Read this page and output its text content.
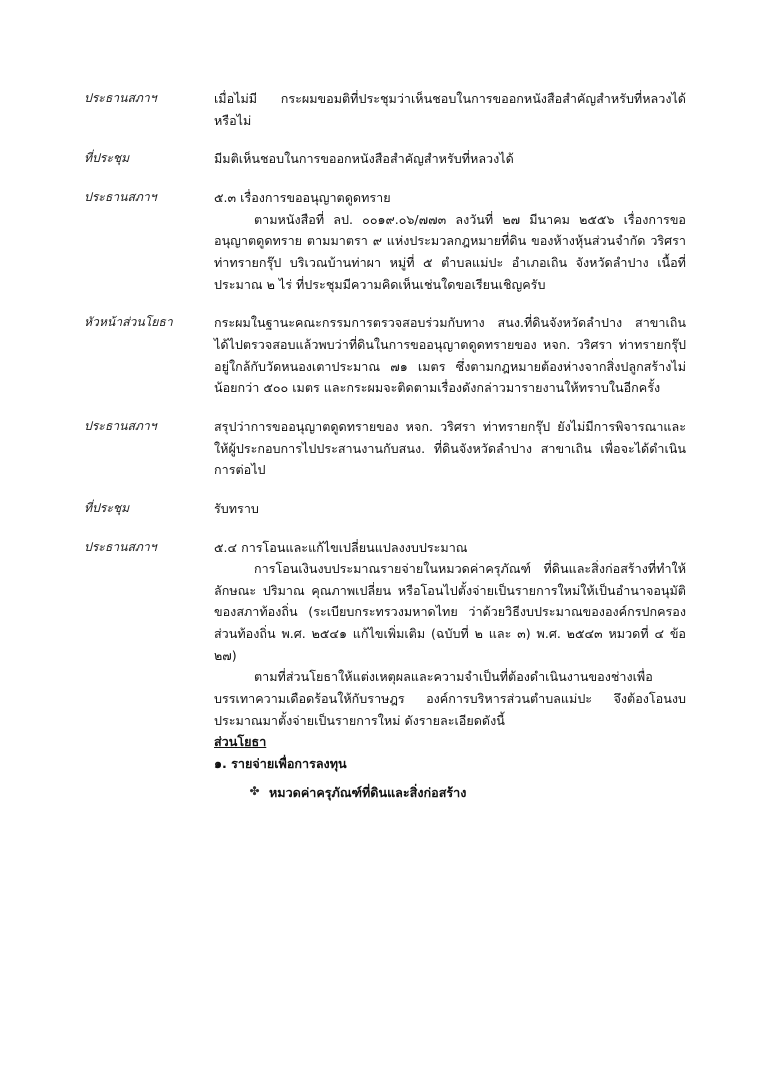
ประธานสภาฯ	เมื่อไม่มี กระผมขอมติที่ประชุมว่าเห็นชอบในการขออกหนังสือสำคัญสำหรับที่หลวงได้หรือไม่

ที่ประชุม	มีมติเห็นชอบในการขออกหนังสือสำคัญสำหรับที่หลวงได้

ประธานสภาฯ	๕.๓ เรื่องการขออนุญาตดูดทราย

ตามหนังสือที่ ลป. ๐๐๑๙.๐๖/๗๗๓ ลงวันที่ ๒๗ มีนาคม ๒๕๕๖ เรื่องการขออนุญาตดูดทราย ตามมาตรา ๙ แห่งประมวลกฎหมายที่ดิน ของห้างหุ้นส่วนจำกัด วริศรา ท่าทรายกรุ๊ป บริเวณบ้านท่าผา หมู่ที่ ๕ ตำบลแม่ปะ อำเภอเถิน จังหวัดลำปาง เนื้อที่ประมาณ ๒ ไร่ ที่ประชุมมีความคิดเห็นเช่นใดขอเรียนเชิญครับ

หัวหน้าส่วนโยธา	กระผมในฐานะคณะกรรมการตรวจสอบร่วมกับทาง สนง.ที่ดินจังหวัดลำปาง สาขาเถิน ได้ไปตรวจสอบแล้วพบว่าที่ดินในการขออนุญาตดูดทรายของ หจก. วริศรา ท่าทรายกรุ๊ปอยู่ใกล้กับวัดหนองเตาประมาณ ๗๑ เมตร ซึ่งตามกฎหมายต้องห่างจากสิ่งปลูกสร้างไม่น้อยกว่า ๕๐๐ เมตร และกระผมจะติดตามเรื่องดังกล่าวมารายงานให้ทราบในอีกครั้ง

ประธานสภาฯ	สรุปว่าการขออนุญาตดูดทรายของ หจก. วริศรา ท่าทรายกรุ๊ป ยังไม่มีการพิจารณาและให้ผู้ประกอบการไปประสานงานกับสนง. ที่ดินจังหวัดลำปาง สาขาเถิน เพื่อจะได้ดำเนินการต่อไป

ที่ประชุม	รับทราบ

ประธานสภาฯ	๕.๔ การโอนและแก้ไขเปลี่ยนแปลงงบประมาณ

การโอนเงินงบประมาณรายจ่ายในหมวดค่าครุภัณฑ์ ที่ดินและสิ่งก่อสร้างที่ทำให้ลักษณะ ปริมาณ คุณภาพเปลี่ยน หรือโอนไปตั้งจ่ายเป็นรายการใหม่ให้เป็นอำนาจอนุมัติของสภาท้องถิ่น (ระเบียบกระทรวงมหาดไทย ว่าด้วยวิธีงบประมาณขององค์กรปกครองส่วนท้องถิ่น พ.ศ. ๒๕๔๑ แก้ไขเพิ่มเติม (ฉบับที่ ๒ และ ๓) พ.ศ. ๒๕๔๓ หมวดที่ ๔ ข้อ ๒๗)

ตามที่ส่วนโยธาให้แต่งเหตุผลและความจำเป็นที่ต้องดำเนินงานของช่างเพื่อบรรเทาความเดือดร้อนให้กับราษฎร องค์การบริหารส่วนตำบลแม่ปะ จึงต้องโอนงบประมาณมาตั้งจ่ายเป็นรายการใหม่ ดังรายละเอียดดังนี้

ส่วนโยธา

๑. รายจ่ายเพื่อการลงทุน

✤ หมวดค่าครุภัณฑ์ที่ดินและสิ่งก่อสร้าง
